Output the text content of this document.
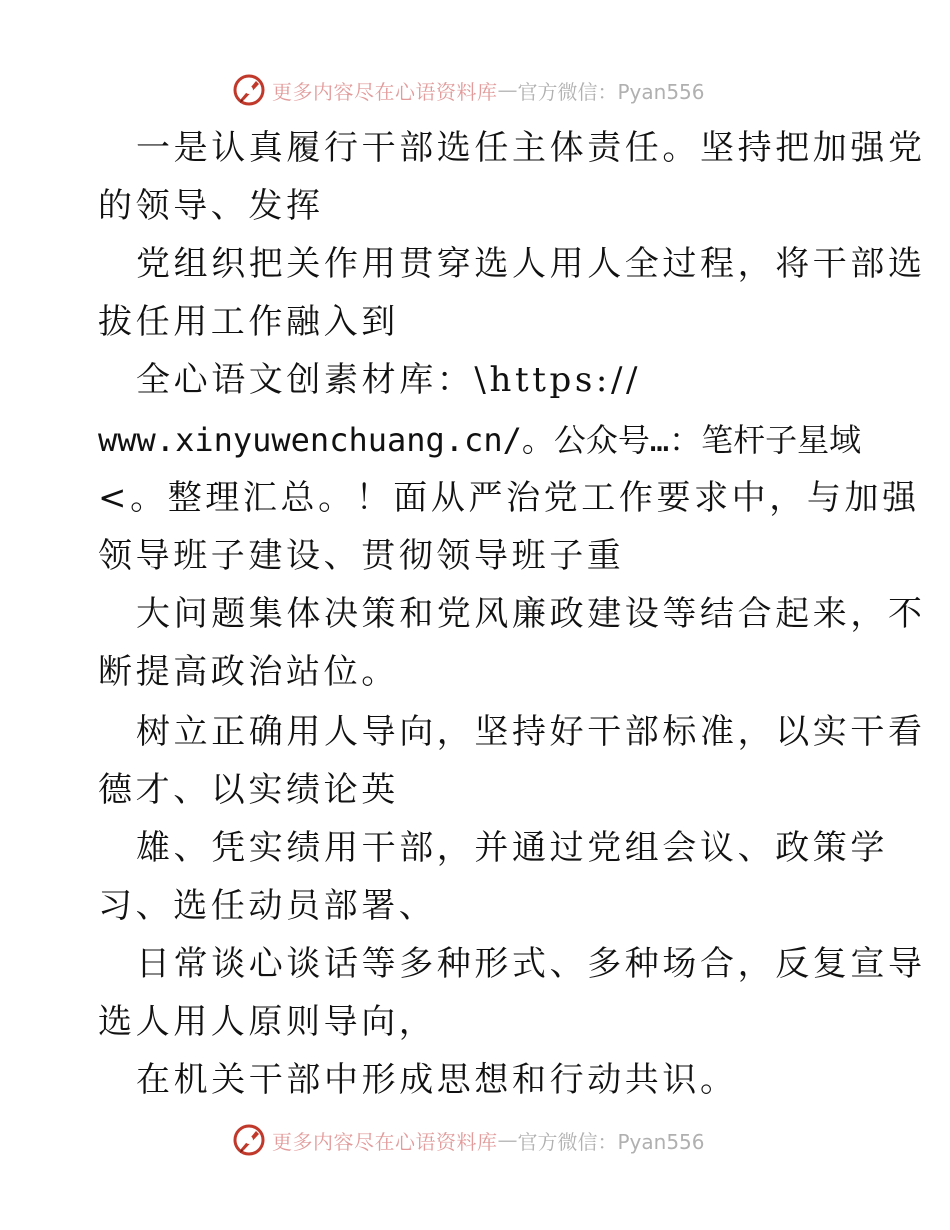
更多内容尽在心语资料库 — 官方微信：Pyan556
一是认真履行干部选任主体责任。坚持把加强党
的领导、发挥
党组织把关作用贯穿选人用人全过程，将干部选
拔任用工作融入到
全心语文创素材库：\https://
www.xinyuwenchuang.cn/。公众号…：笔杆子星域
<。整理汇总。！面从严治党工作要求中，与加强
领导班子建设、贯彻领导班子重
大问题集体决策和党风廉政建设等结合起来，不
断提高政治站位。
树立正确用人导向，坚持好干部标准，以实干看
德才、以实绩论英
雄、凭实绩用干部，并通过党组会议、政策学
习、选任动员部署、
日常谈心谈话等多种形式、多种场合，反复宣导
选人用人原则导向，
在机关干部中形成思想和行动共识。
更多内容尽在心语资料库 — 官方微信：Pyan556
